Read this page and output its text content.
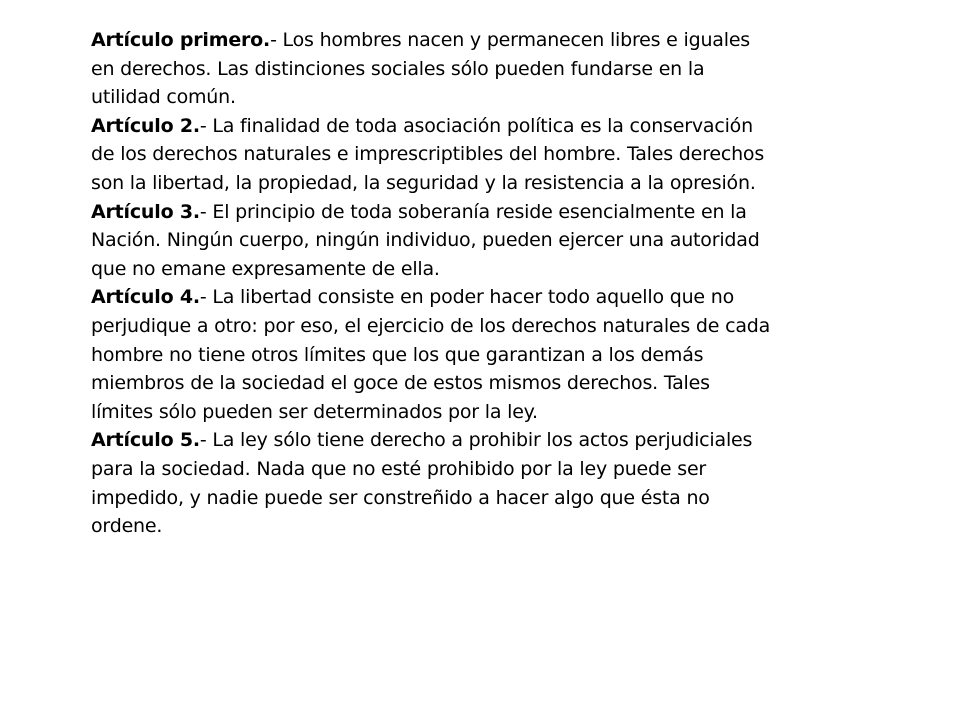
Artículo primero.- Los hombres nacen y permanecen libres e iguales en derechos. Las distinciones sociales sólo pueden fundarse en la utilidad común.

Artículo 2.- La finalidad de toda asociación política es la conservación de los derechos naturales e imprescriptibles del hombre. Tales derechos son la libertad, la propiedad, la seguridad y la resistencia a la opresión.

Artículo 3.- El principio de toda soberanía reside esencialmente en la Nación. Ningún cuerpo, ningún individuo, pueden ejercer una autoridad que no emane expresamente de ella.

Artículo 4.- La libertad consiste en poder hacer todo aquello que no perjudique a otro: por eso, el ejercicio de los derechos naturales de cada hombre no tiene otros límites que los que garantizan a los demás miembros de la sociedad el goce de estos mismos derechos. Tales límites sólo pueden ser determinados por la ley.

Artículo 5.- La ley sólo tiene derecho a prohibir los actos perjudiciales para la sociedad. Nada que no esté prohibido por la ley puede ser impedido, y nadie puede ser constreñido a hacer algo que ésta no ordene.
